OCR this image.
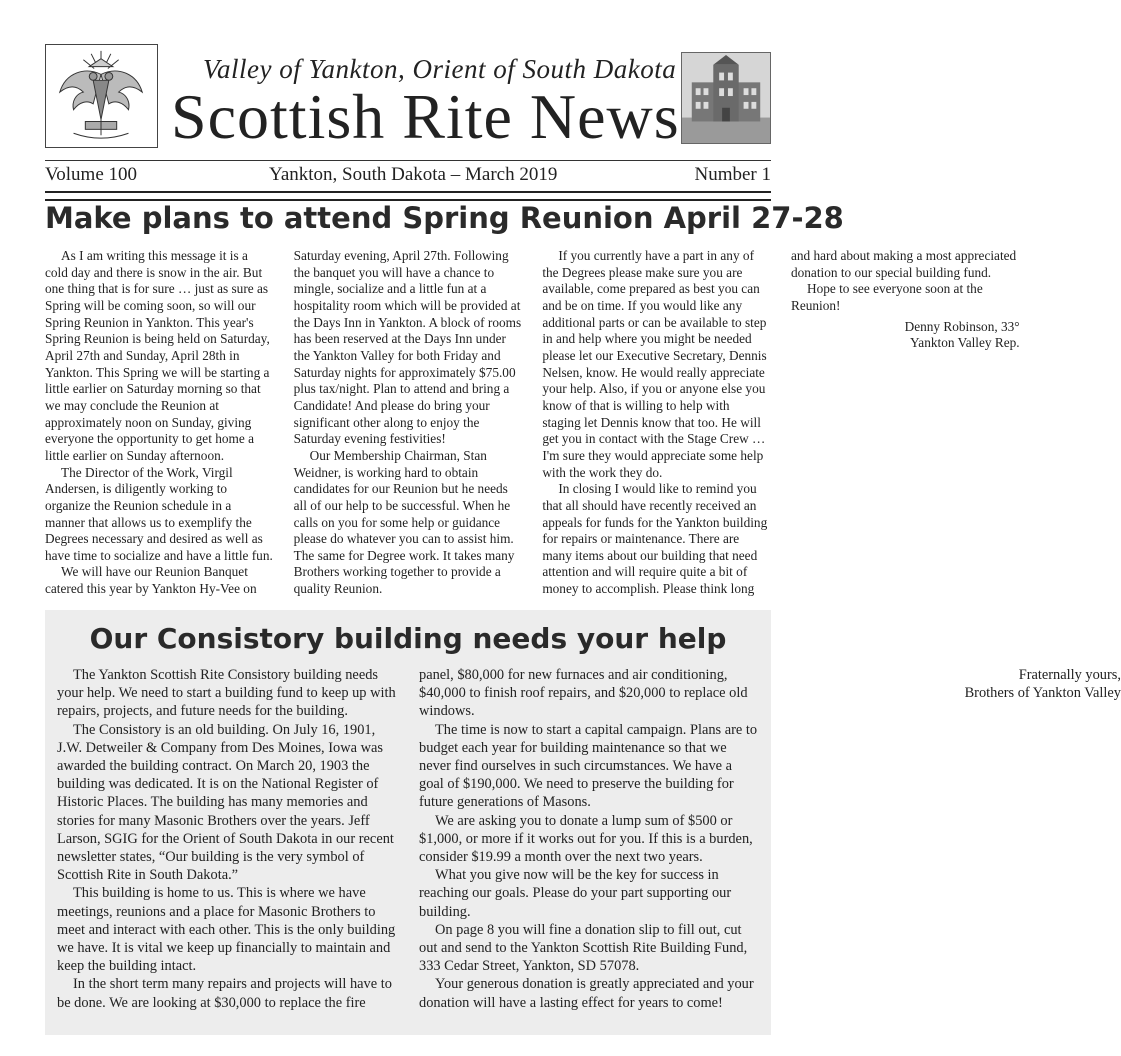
Valley of Yankton, Orient of South Dakota
Scottish Rite News
Volume 100	Yankton, South Dakota – March 2019	Number 1
Make plans to attend Spring Reunion April 27-28

As I am writing this message it is a cold day and there is snow in the air. But one thing that is for sure … just as sure as Spring will be coming soon, so will our Spring Reunion in Yankton. This year's Spring Reunion is being held on Saturday, April 27th and Sunday, April 28th in Yankton. This Spring we will be starting a little earlier on Saturday morning so that we may conclude the Reunion at approximately noon on Sunday, giving everyone the opportunity to get home a little earlier on Sunday afternoon.

The Director of the Work, Virgil Andersen, is diligently working to organize the Reunion schedule in a manner that allows us to exemplify the Degrees necessary and desired as well as have time to socialize and have a little fun.

We will have our Reunion Banquet catered this year by Yankton Hy-Vee on Saturday evening, April 27th. Following the banquet you will have a chance to mingle, socialize and a little fun at a hospitality room which will be provided at the Days Inn in Yankton. A block of rooms has been reserved at the Days Inn under the Yankton Valley for both Friday and Saturday nights for approximately $75.00 plus tax/night. Plan to attend and bring a Candidate! And please do bring your significant other along to enjoy the Saturday evening festivities!

Our Membership Chairman, Stan Weidner, is working hard to obtain candidates for our Reunion but he needs all of our help to be successful. When he calls on you for some help or guidance please do whatever you can to assist him. The same for Degree work. It takes many Brothers working together to provide a quality Reunion.

If you currently have a part in any of the Degrees please make sure you are available, come prepared as best you can and be on time. If you would like any additional parts or can be available to step in and help where you might be needed please let our Executive Secretary, Dennis Nelsen, know. He would really appreciate your help. Also, if you or anyone else you know of that is willing to help with staging let Dennis know that too. He will get you in contact with the Stage Crew … I'm sure they would appreciate some help with the work they do.

In closing I would like to remind you that all should have recently received an appeals for funds for the Yankton building for repairs or maintenance. There are many items about our building that need attention and will require quite a bit of money to accomplish. Please think long and hard about making a most appreciated donation to our special building fund.

Hope to see everyone soon at the Reunion!

Denny Robinson, 33°

Yankton Valley Rep.

Our Consistory building needs your help

The Yankton Scottish Rite Consistory building needs your help. We need to start a building fund to keep up with repairs, projects, and future needs for the building.

The Consistory is an old building. On July 16, 1901, J.W. Detweiler & Company from Des Moines, Iowa was awarded the building contract. On March 20, 1903 the building was dedicated. It is on the National Register of Historic Places. The building has many memories and stories for many Masonic Brothers over the years. Jeff Larson, SGIG for the Orient of South Dakota in our recent newsletter states, “Our building is the very symbol of Scottish Rite in South Dakota.”

This building is home to us. This is where we have meetings, reunions and a place for Masonic Brothers to meet and interact with each other. This is the only building we have. It is vital we keep up financially to maintain and keep the building intact.

In the short term many repairs and projects will have to be done. We are looking at $30,000 to replace the fire panel, $80,000 for new furnaces and air conditioning, $40,000 to finish roof repairs, and $20,000 to replace old windows.

The time is now to start a capital campaign. Plans are to budget each year for building maintenance so that we never find ourselves in such circumstances. We have a goal of $190,000. We need to preserve the building for future generations of Masons.

We are asking you to donate a lump sum of $500 or $1,000, or more if it works out for you. If this is a burden, consider $19.99 a month over the next two years.

What you give now will be the key for success in reaching our goals. Please do your part supporting our building.

On page 8 you will fine a donation slip to fill out, cut out and send to the Yankton Scottish Rite Building Fund, 333 Cedar Street, Yankton, SD 57078.

Your generous donation is greatly appreciated and your donation will have a lasting effect for years to come!

Fraternally yours,

Brothers of Yankton Valley
